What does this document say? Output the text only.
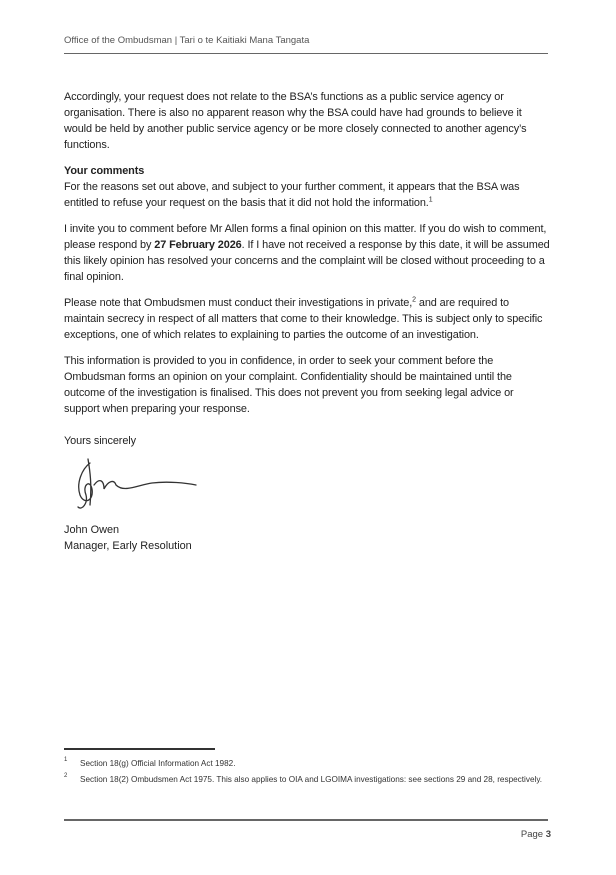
Office of the Ombudsman | Tari o te Kaitiaki Mana Tangata

Accordingly, your request does not relate to the BSA’s functions as a public service agency or organisation. There is also no apparent reason why the BSA could have had grounds to believe it would be held by another public service agency or be more closely connected to another agency’s functions.

Your comments

For the reasons set out above, and subject to your further comment, it appears that the BSA was entitled to refuse your request on the basis that it did not hold the information.$^1$

I invite you to comment before Mr Allen forms a final opinion on this matter. If you do wish to comment, please respond by 27 February 2026. If I have not received a response by this date, it will be assumed this likely opinion has resolved your concerns and the complaint will be closed without proceeding to a final opinion.

Please note that Ombudsmen must conduct their investigations in private,$^2$ and are required to maintain secrecy in respect of all matters that come to their knowledge. This is subject only to specific exceptions, one of which relates to explaining to parties the outcome of an investigation.

This information is provided to you in confidence, in order to seek your comment before the Ombudsman forms an opinion on your complaint. Confidentiality should be maintained until the outcome of the investigation is finalised. This does not prevent you from seeking legal advice or support when preparing your response.

Yours sincerely

John Owen
Manager, Early Resolution
1 Section 18(g) Official Information Act 1982.
2 Section 18(2) Ombudsmen Act 1975. This also applies to OIA and LGOIMA investigations: see sections 29 and 28, respectively.
Page 3
